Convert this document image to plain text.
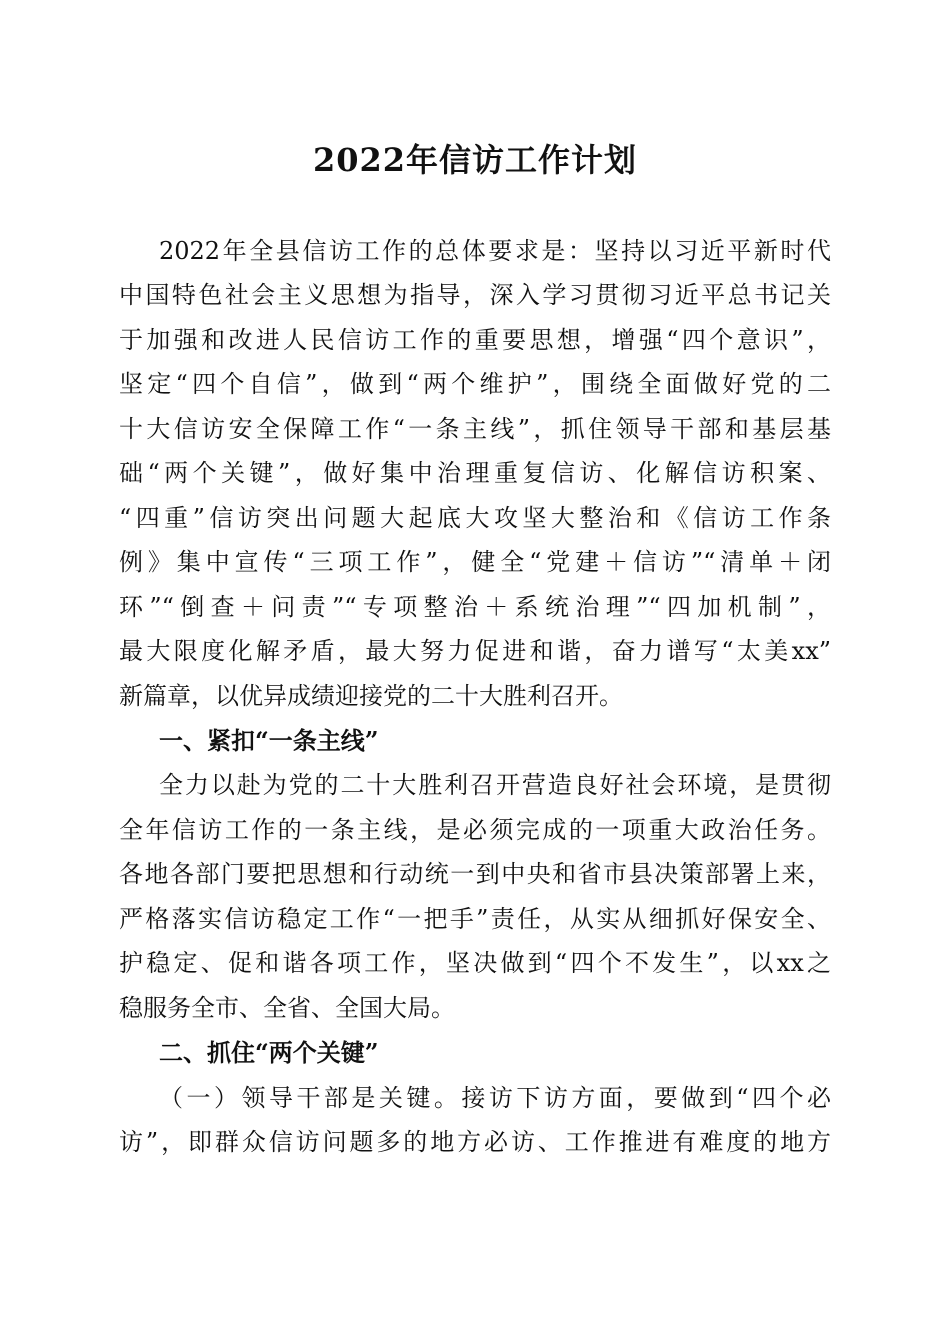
2022年信访工作计划
2022年全县信访工作的总体要求是：坚持以习近平新时代
中国特色社会主义思想为指导，深入学习贯彻习近平总书记关
于加强和改进人民信访工作的重要思想，增强“四个意识”，
坚定“四个自信”，做到“两个维护”，围绕全面做好党的二
十大信访安全保障工作“一条主线”，抓住领导干部和基层基
础“两个关键”，做好集中治理重复信访、化解信访积案、
“四重”信访突出问题大起底大攻坚大整治和《信访工作条
例》集中宣传“三项工作”，健全“党建＋信访”“清单＋闭
环”“倒查＋问责”“专项整治＋系统治理”“四加机制”，
最大限度化解矛盾，最大努力促进和谐，奋力谱写“太美xx”
新篇章，以优异成绩迎接党的二十大胜利召开。
一、紧扣“一条主线”
全力以赴为党的二十大胜利召开营造良好社会环境，是贯彻
全年信访工作的一条主线，是必须完成的一项重大政治任务。
各地各部门要把思想和行动统一到中央和省市县决策部署上来，
严格落实信访稳定工作“一把手”责任，从实从细抓好保安全、
护稳定、促和谐各项工作，坚决做到“四个不发生”，以xx之
稳服务全市、全省、全国大局。
二、抓住“两个关键”
（一）领导干部是关键。接访下访方面，要做到“四个必
访”，即群众信访问题多的地方必访、工作推进有难度的地方
